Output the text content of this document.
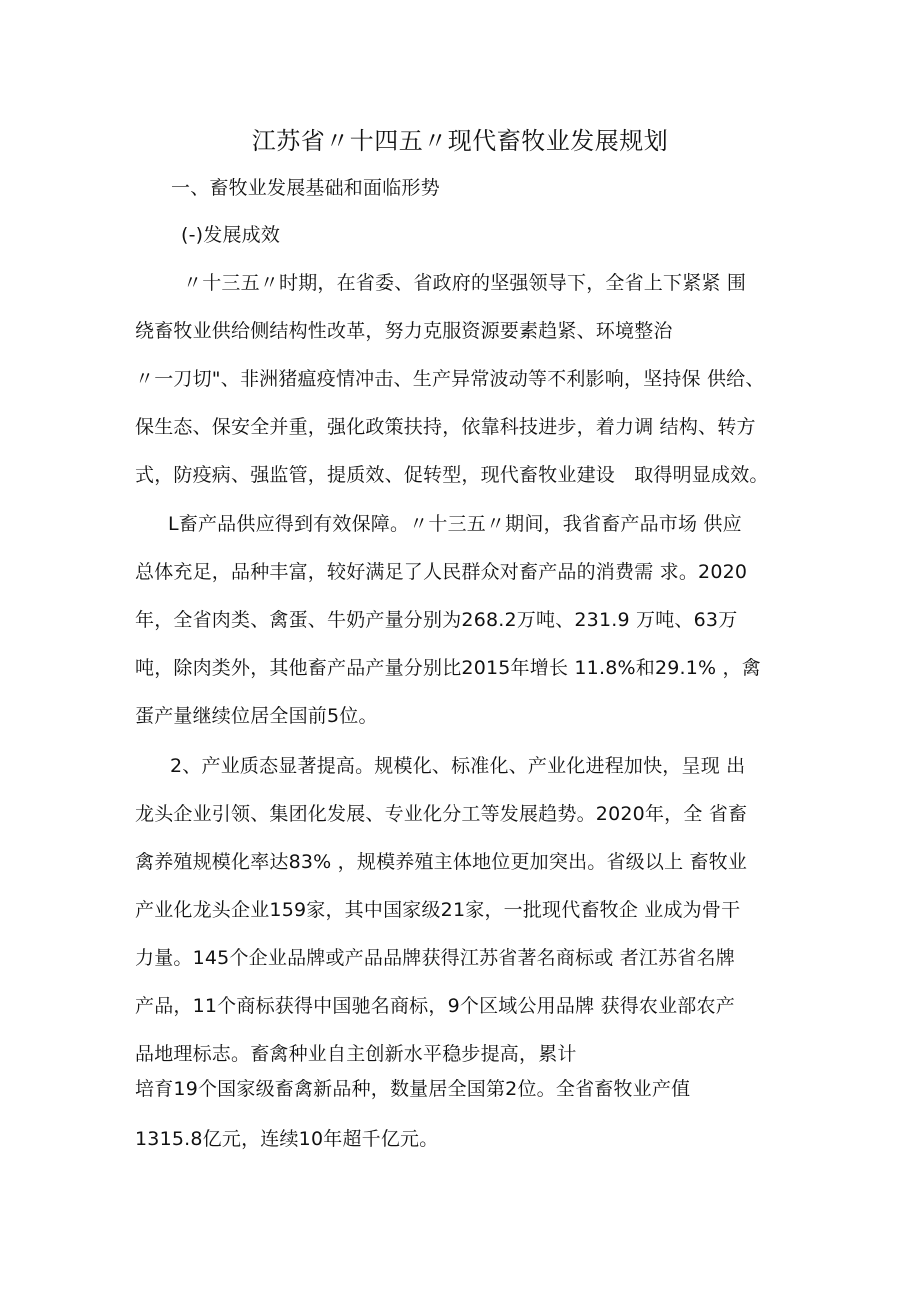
江苏省〃十四五〃现代畜牧业发展规划
一、畜牧业发展基础和面临形势
(-)发展成效
〃十三五〃时期，在省委、省政府的坚强领导下，全省上下紧紧 围
绕畜牧业供给侧结构性改革，努力克服资源要素趋紧、环境整治
〃一刀切"、非洲猪瘟疫情冲击、生产异常波动等不利影响，坚持保 供给、
保生态、保安全并重，强化政策扶持，依靠科技进步，着力调 结构、转方
式，防疫病、强监管，提质效、促转型，现代畜牧业建设　取得明显成效。
L畜产品供应得到有效保障。〃十三五〃期间，我省畜产品市场 供应
总体充足，品种丰富，较好满足了人民群众对畜产品的消费需 求。2020
年，全省肉类、禽蛋、牛奶产量分别为268.2万吨、231.9 万吨、63万
吨，除肉类外，其他畜产品产量分别比2015年增长 11.8%和29.1% ，禽
蛋产量继续位居全国前5位。
2、产业质态显著提高。规模化、标准化、产业化进程加快，呈现 出
龙头企业引领、集团化发展、专业化分工等发展趋势。2020年，全 省畜
禽养殖规模化率达83% ，规模养殖主体地位更加突出。省级以上 畜牧业
产业化龙头企业159家，其中国家级21家，一批现代畜牧企 业成为骨干
力量。145个企业品牌或产品品牌获得江苏省著名商标或 者江苏省名牌
产品，11个商标获得中国驰名商标，9个区域公用品牌 获得农业部农产
品地理标志。畜禽种业自主创新水平稳步提高，累计
培育19个国家级畜禽新品种，数量居全国第2位。全省畜牧业产值
1315.8亿元，连续10年超千亿元。
